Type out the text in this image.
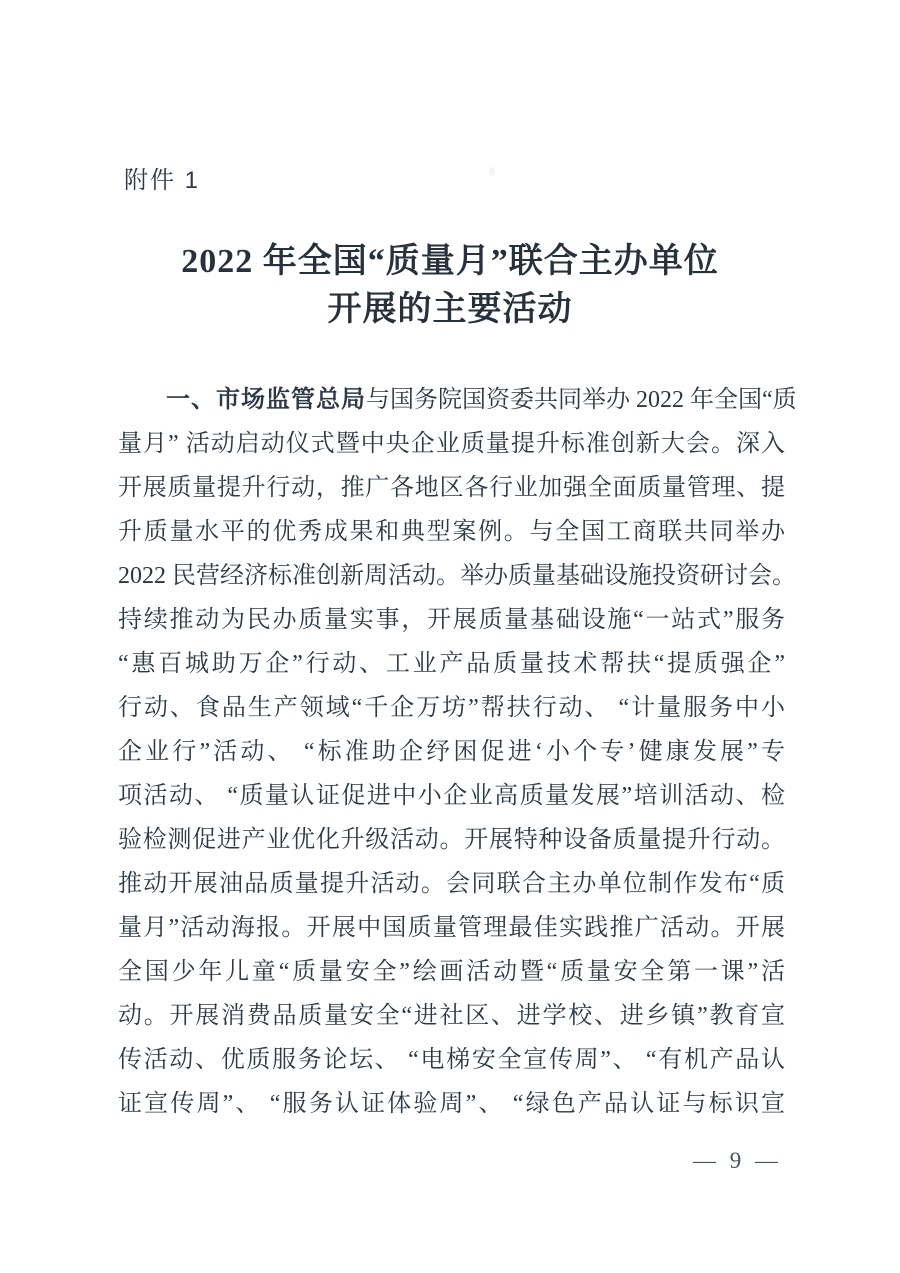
附件 1
2022 年全国“质量月”联合主办单位
开展的主要活动
一、市场监管总局与国务院国资委共同举办 2022 年全国“质
量月” 活动启动仪式暨中央企业质量提升标准创新大会。深入
开展质量提升行动，推广各地区各行业加强全面质量管理、提
升质量水平的优秀成果和典型案例。与全国工商联共同举办
2022 民营经济标准创新周活动。举办质量基础设施投资研讨会。
持续推动为民办质量实事，开展质量基础设施“一站式”服务
“惠百城助万企”行动、工业产品质量技术帮扶“提质强企”
行动、食品生产领域“千企万坊”帮扶行动、 “计量服务中小
企业行”活动、 “标准助企纾困促进‘小个专’健康发展”专
项活动、 “质量认证促进中小企业高质量发展”培训活动、检
验检测促进产业优化升级活动。开展特种设备质量提升行动。
推动开展油品质量提升活动。会同联合主办单位制作发布“质
量月”活动海报。开展中国质量管理最佳实践推广活动。开展
全国少年儿童“质量安全”绘画活动暨“质量安全第一课”活
动。开展消费品质量安全“进社区、进学校、进乡镇”教育宣
传活动、优质服务论坛、 “电梯安全宣传周”、 “有机产品认
证宣传周”、 “服务认证体验周”、 “绿色产品认证与标识宣
— 9 —
